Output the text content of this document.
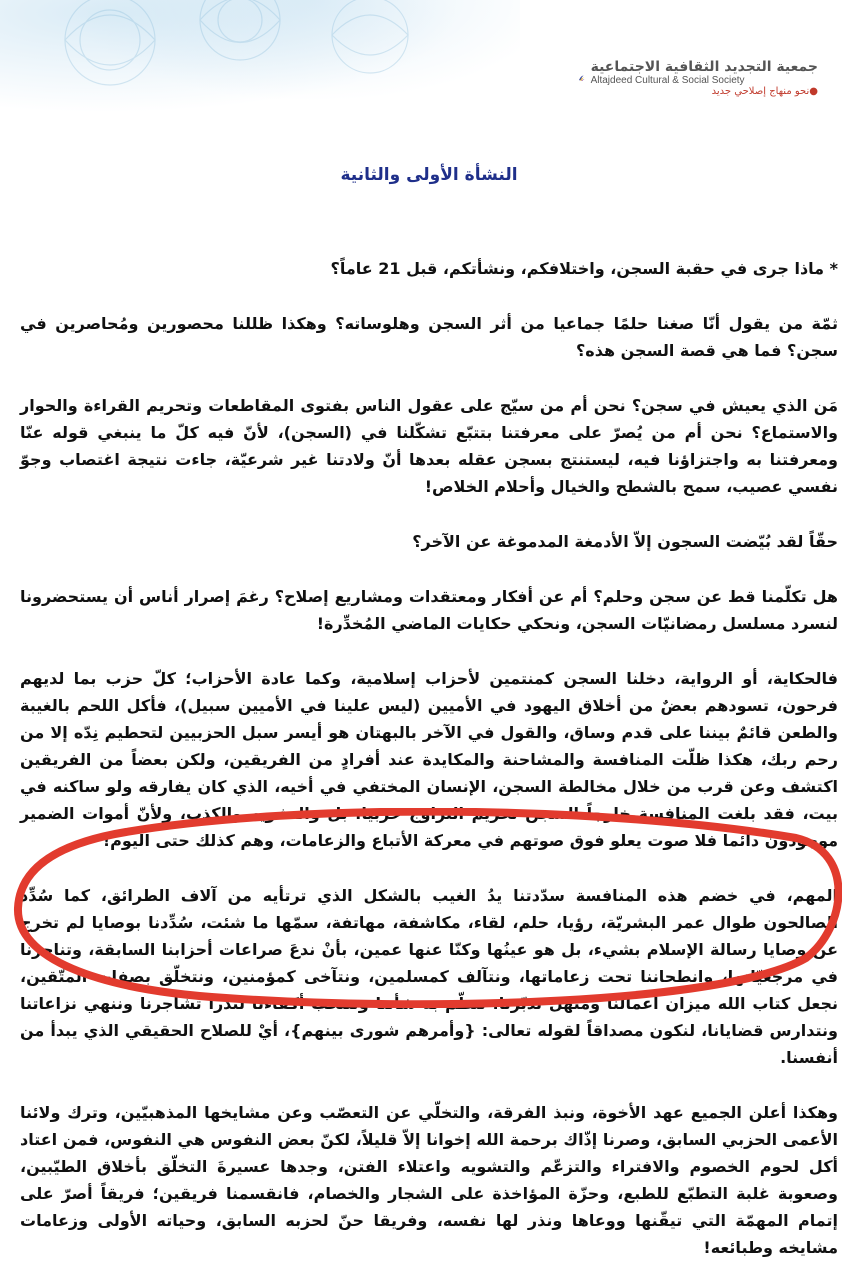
جمعية التجديد الثقافية الاجتماعية
Altajdeed Cultural & Social Society
●نحو منهاج إصلاحي جديد
النشأة الأولى والثانية

* ماذا جرى في حقبة السجن، واختلافكم، ونشأتكم، قبل 21 عاماً؟

ثمّة من يقول أنّا صغنا حلمًا جماعيا من أثر السجن وهلوساته؟ وهكذا ظللنا محصورين ومُحاصرين في سجن؟ فما هي قصة السجن هذه؟

مَن الذي يعيش في سجن؟ نحن أم من سيّج على عقول الناس بفتوى المقاطعات وتحريم القراءة والحوار والاستماع؟ نحن أم من يُصرّ على معرفتنا بتتبّع تشكّلنا في (السجن)، لأنّ فيه كلّ ما ينبغي قوله عنّا ومعرفتنا به واجتزاؤنا فيه، ليستنتج بسجن عقله بعدها أنّ ولادتنا غير شرعيّة، جاءت نتيجة اغتصاب وجوّ نفسي عصيب، سمح بالشطح والخيال وأحلام الخلاص!

حقّاً لقد بُيّضت السجون إلاّ الأدمغة المدموغة عن الآخر؟

هل تكلّمنا قط عن سجن وحلم؟ أم عن أفكار ومعتقدات ومشاريع إصلاح؟ رغمَ إصرار أناس أن يستحضرونا لنسرد مسلسل رمضانيّات السجن، ونحكي حكايات الماضي المُخدِّرة!

فالحكاية، أو الرواية، دخلنا السجن كمنتمين لأحزاب إسلامية، وكما عادة الأحزاب؛ كلّ حزب بما لديهم فرحون، تسودهم بعضٌ من أخلاق اليهود في الأميين (ليس علينا في الأميين سبيل)، فأكل اللحم بالغيبة والطعن قائمٌ بيننا على قدم وساق، والقول في الآخر بالبهتان هو أيسر سبل الحزبيين لتحطيم نِدّه إلا من رحم ربك، هكذا ظلّت المنافسة والمشاحنة والمكايدة عند أفرادٍ من الفريقين، ولكن بعضاً من الفريقين اكتشف وعن قرب من خلال مخالطة السجن، الإنسان المختفي في أخيه، الذي كان يفارقه ولو ساكنه في بيت، فقد بلغت المنافسة خارجاً السجن تحريم التزاوج حزبيا، بل والتشويه والكذب، ولأنّ أموات الضمير موجودون دائما فلا صوت يعلو فوق صوتهم في معركة الأتباع والزعامات، وهم كذلك حتى اليوم!

المهم، في خضم هذه المنافسة سدّدتنا يدُ الغيب بالشكل الذي ترتأيه من آلاف الطرائق، كما سُدِّد الصالحون طوال عمر البشريّة، رؤيا، حلم، لقاء، مكاشفة، مهاتفة، سمّها ما شئت، سُدِّدنا بوصايا لم تخرج عن وصايا رسالة الإسلام بشيء، بل هو عينُها وكنّا عنها عمين، بأنْ ندعَ صراعات أحزابنا السابقة، وتناحرنا في مرجعيّاتها، وانطحاننا تحت زعاماتها، ونتآلف كمسلمين، ونتآخى كمؤمنين، ونتخلّق بصفات المتّقين، نجعل كتاب الله ميزان أعمالنا ومنهل تدبّرنا، ننظّم به شأننا وننتخب أكفاءنا لندرأ تشاجرنا وننهي نزاعاتنا ونتدارس قضايانا، لنكون مصداقاً لقوله تعالى: {وأمرهم شورى بينهم}، أيْ للصلاح الحقيقي الذي يبدأ من أنفسنا.

وهكذا أعلن الجميع عهد الأخوة، ونبذ الفرقة، والتخلّي عن التعصّب وعن مشايخها المذهبيّين، وترك ولائنا الأعمى الحزبي السابق، وصرنا إذّاك برحمة الله إخوانا إلاّ قليلاً، لكنّ بعض النفوس هي النفوس، فمن اعتاد أكل لحوم الخصوم والافتراء والتزعّم والتشويه واعتلاء الفتن، وجدها عسيرةَ التخلّق بأخلاق الطيّبين، وصعوبة غلبة التطبّع للطبع، وحزّة المؤاخذة على الشجار والخصام، فانقسمنا فريقين؛ فريقاً أصرّ على إتمام المهمّة التي تيقّنها ووعاها ونذر لها نفسه، وفريقا حنّ لحزبه السابق، وحياته الأولى وزعامات مشايخه وطبائعه!
